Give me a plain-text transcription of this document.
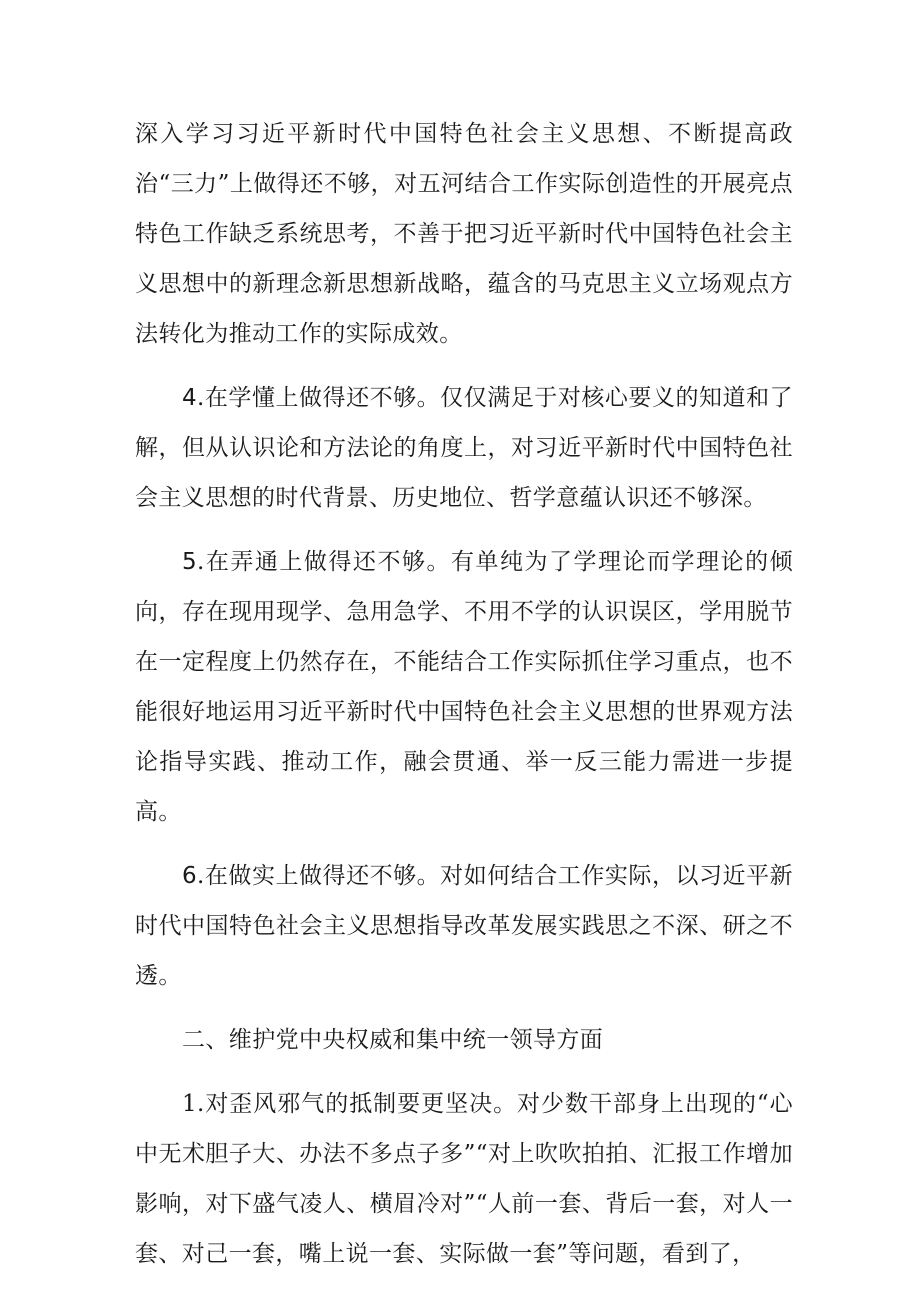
深入学习习近平新时代中国特色社会主义思想、不断提高政治“三力”上做得还不够，对五河结合工作实际创造性的开展亮点特色工作缺乏系统思考，不善于把习近平新时代中国特色社会主义思想中的新理念新思想新战略，蕴含的马克思主义立场观点方法转化为推动工作的实际成效。

4.在学懂上做得还不够。仅仅满足于对核心要义的知道和了解，但从认识论和方法论的角度上，对习近平新时代中国特色社会主义思想的时代背景、历史地位、哲学意蕴认识还不够深。

5.在弄通上做得还不够。有单纯为了学理论而学理论的倾向，存在现用现学、急用急学、不用不学的认识误区，学用脱节在一定程度上仍然存在，不能结合工作实际抓住学习重点，也不能很好地运用习近平新时代中国特色社会主义思想的世界观方法论指导实践、推动工作，融会贯通、举一反三能力需进一步提高。

6.在做实上做得还不够。对如何结合工作实际，以习近平新时代中国特色社会主义思想指导改革发展实践思之不深、研之不透。

二、维护党中央权威和集中统一领导方面

1.对歪风邪气的抵制要更坚决。对少数干部身上出现的“心中无术胆子大、办法不多点子多”“对上吹吹拍拍、汇报工作增加影响，对下盛气凌人、横眉冷对”“人前一套、背后一套，对人一套、对己一套，嘴上说一套、实际做一套”等问题，看到了，
